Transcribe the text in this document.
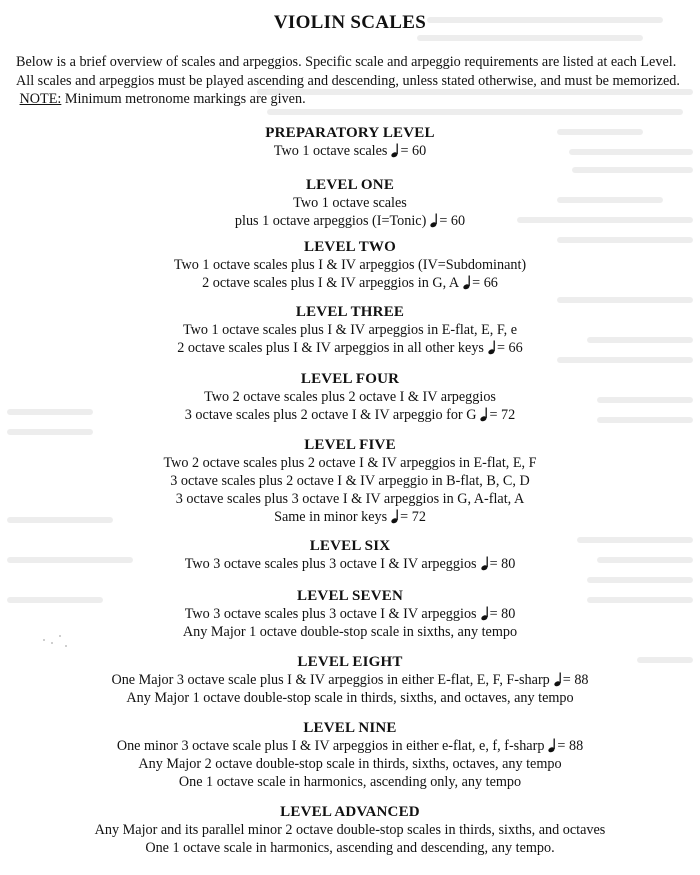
VIOLIN SCALES
Below is a brief overview of scales and arpeggios. Specific scale and arpeggio requirements are listed at each Level. All scales and arpeggios must be played ascending and descending, unless stated otherwise, and must be memorized.  NOTE: Minimum metronome markings are given.
PREPARATORY LEVEL
Two 1 octave scales = 60
LEVEL ONE
Two 1 octave scales
plus 1 octave arpeggios (I=Tonic) = 60
LEVEL TWO
Two 1 octave scales plus I & IV arpeggios (IV=Subdominant)
2 octave scales plus I & IV arpeggios in G, A = 66
LEVEL THREE
Two 1 octave scales plus I & IV arpeggios in E-flat, E, F, e
2 octave scales plus I & IV arpeggios in all other keys = 66
LEVEL FOUR
Two 2 octave scales plus 2 octave I & IV arpeggios
3 octave scales plus 2 octave I & IV arpeggio for G = 72
LEVEL FIVE
Two 2 octave scales plus 2 octave I & IV arpeggios in E-flat, E, F
3 octave scales plus 2 octave I & IV arpeggio in B-flat, B, C, D
3 octave scales plus 3 octave I & IV arpeggios in G, A-flat, A
Same in minor keys = 72
LEVEL SIX
Two 3 octave scales plus 3 octave I & IV arpeggios = 80
LEVEL SEVEN
Two 3 octave scales plus 3 octave I & IV arpeggios = 80
Any Major 1 octave double-stop scale in sixths, any tempo
LEVEL EIGHT
One Major 3 octave scale plus I & IV arpeggios in either E-flat, E, F, F-sharp = 88
Any Major 1 octave double-stop scale in thirds, sixths, and octaves, any tempo
LEVEL NINE
One minor 3 octave scale plus I & IV arpeggios in either e-flat, e, f, f-sharp = 88
Any Major 2 octave double-stop scale in thirds, sixths, octaves, any tempo
One 1 octave scale in harmonics, ascending only, any tempo
LEVEL ADVANCED
Any Major and its parallel minor 2 octave double-stop scales in thirds, sixths, and octaves
One 1 octave scale in harmonics, ascending and descending, any tempo.
